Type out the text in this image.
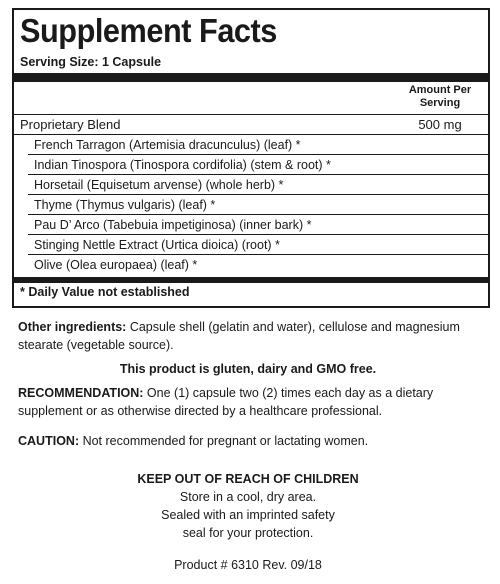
Supplement Facts
Serving Size: 1 Capsule
Amount Per
Serving
Proprietary Blend	500 mg
French Tarragon (Artemisia dracunculus) (leaf) *
Indian Tinospora (Tinospora cordifolia) (stem & root) *
Horsetail (Equisetum arvense) (whole herb) *
Thyme (Thymus vulgaris) (leaf) *
Pau D’ Arco (Tabebuia impetiginosa) (inner bark) *
Stinging Nettle Extract (Urtica dioica) (root) *
Olive (Olea europaea) (leaf) *
* Daily Value not established
Other ingredients: Capsule shell (gelatin and water), cellulose and magnesium stearate (vegetable source).
This product is gluten, dairy and GMO free.
RECOMMENDATION: One (1) capsule two (2) times each day as a dietary supplement or as otherwise directed by a healthcare professional.
CAUTION: Not recommended for pregnant or lactating women.
KEEP OUT OF REACH OF CHILDREN
Store in a cool, dry area.
Sealed with an imprinted safety
seal for your protection.
Product # 6310 Rev. 09/18
